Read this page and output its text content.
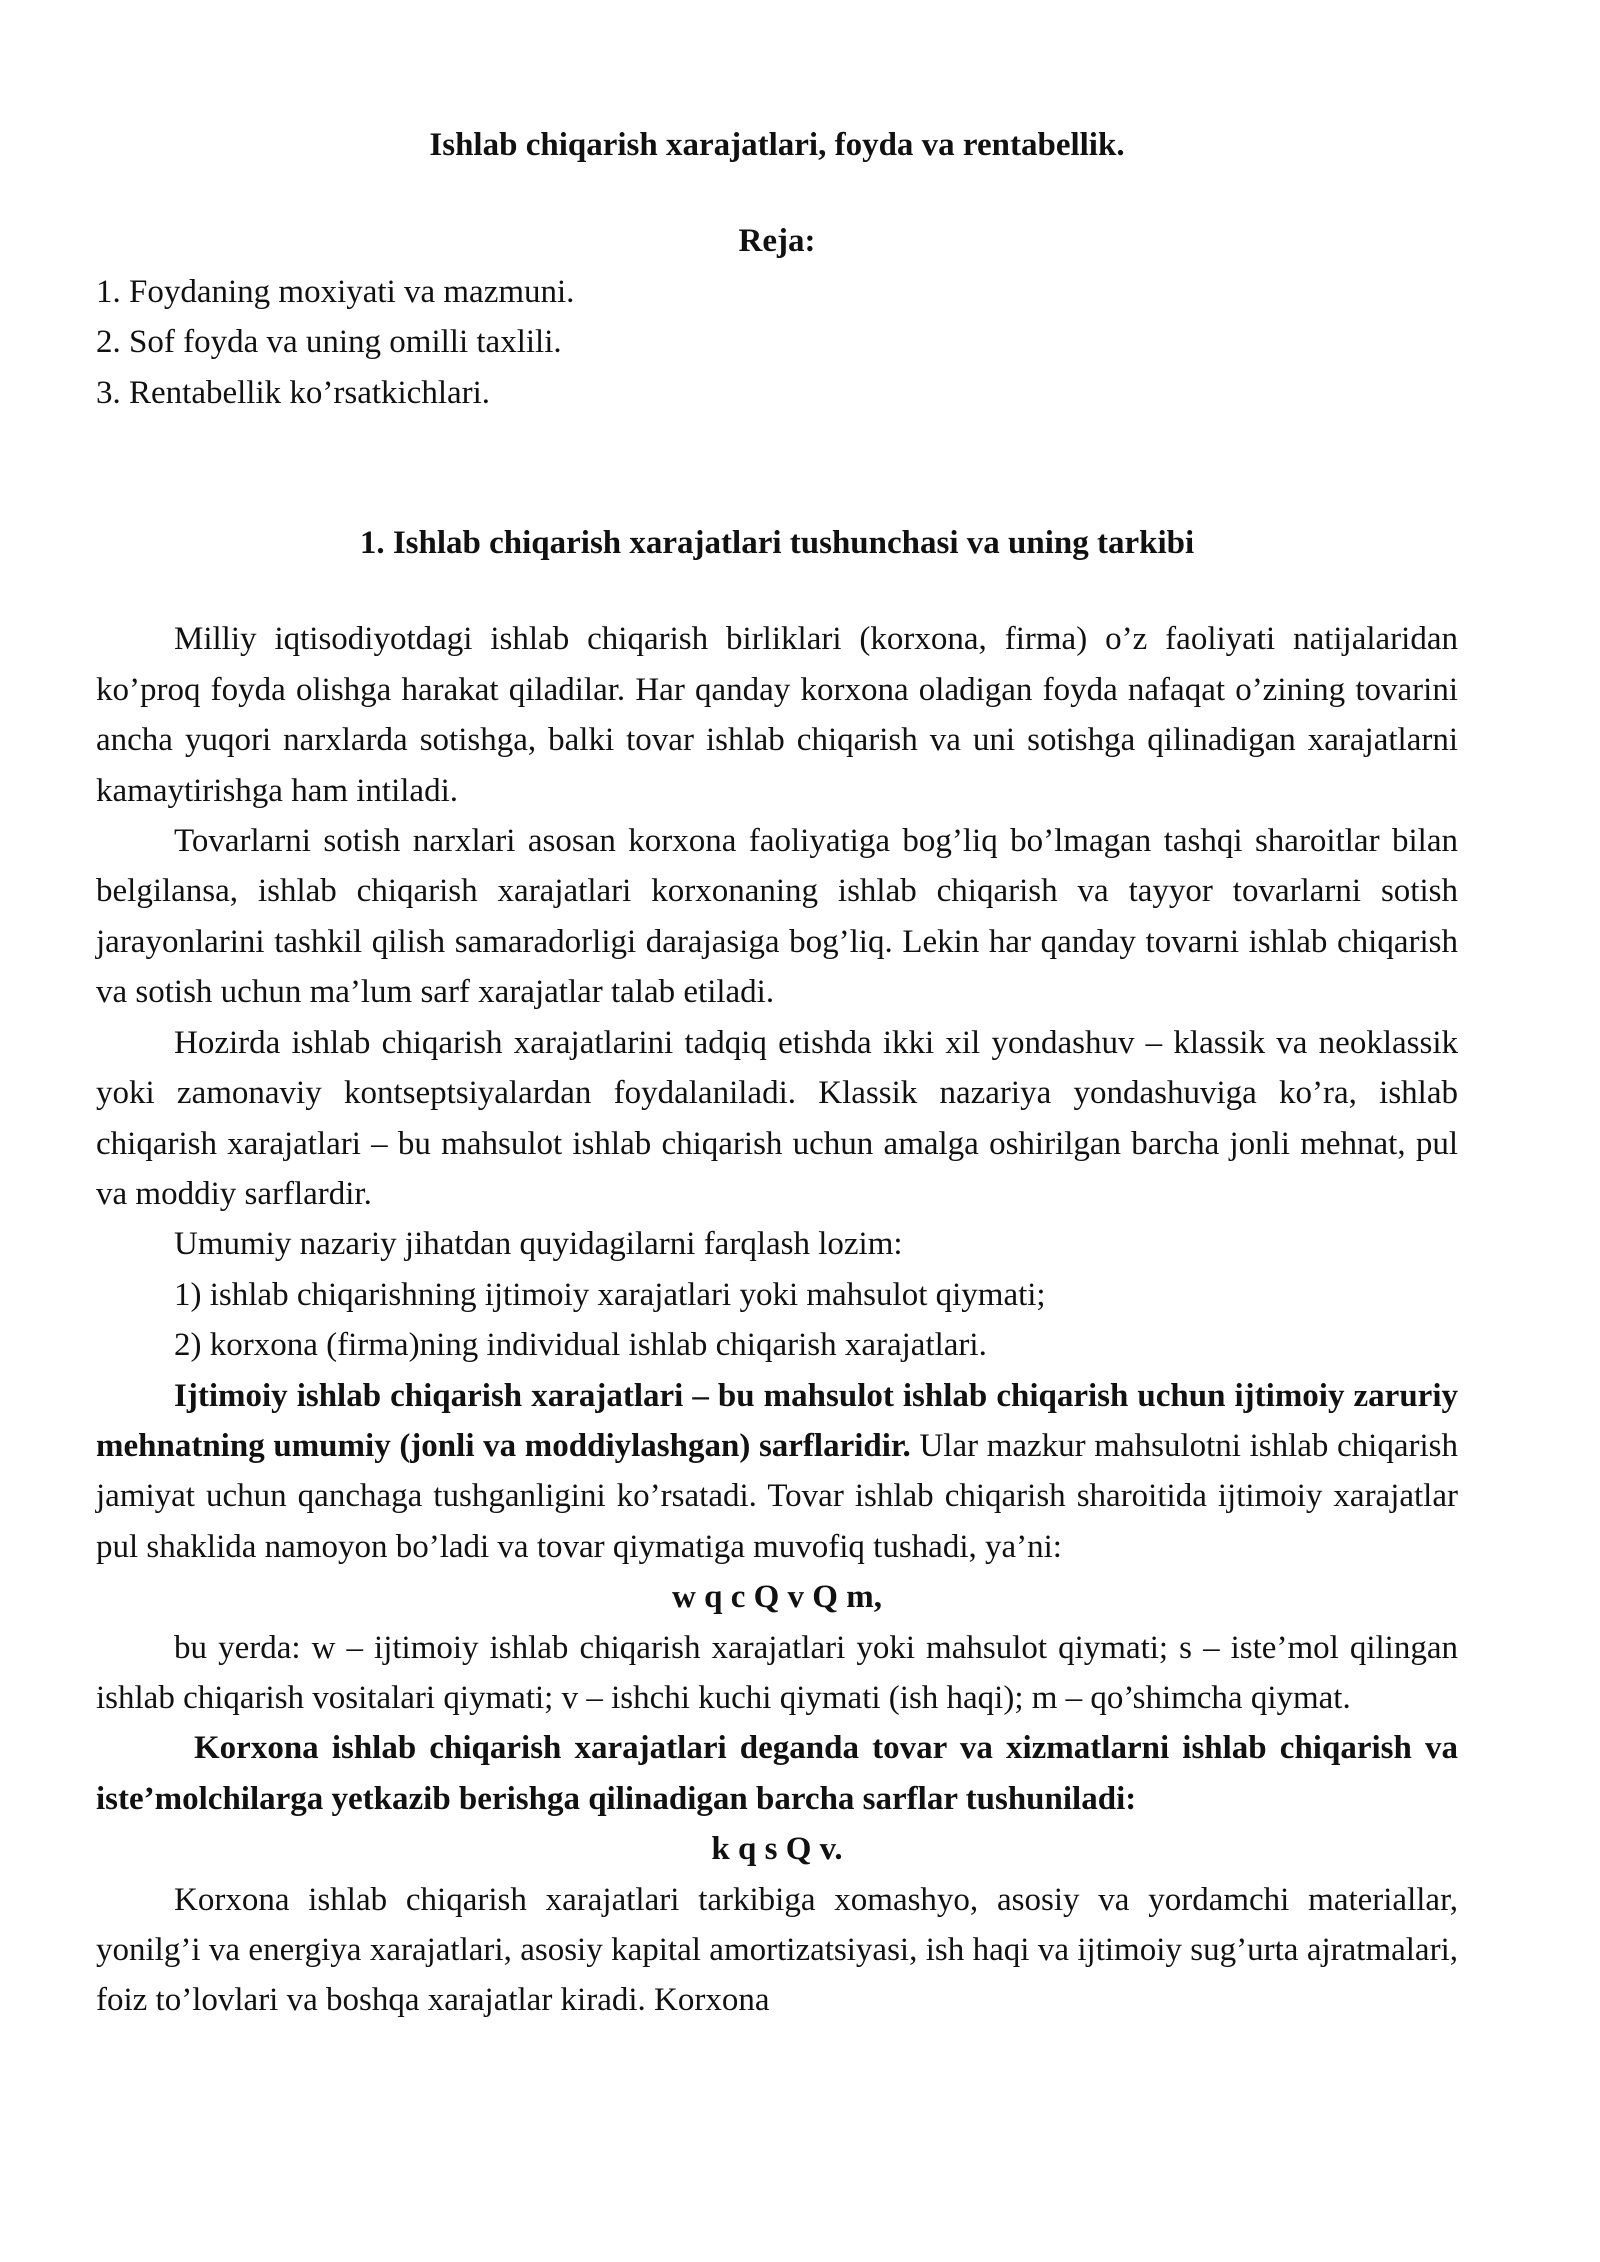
Ishlab chiqarish xarajatlari, foyda va rentabellik.
Reja:
1. Foydaning moxiyati va mazmuni.
2. Sof foyda va uning omilli taxlili.
3. Rentabellik ko’rsatkichlari.
1. Ishlab chiqarish xarajatlari tushunchasi va uning tarkibi

Milliy iqtisodiyotdagi ishlab chiqarish birliklari (korxona, firma) o’z faoliyati natijalaridan ko’proq foyda olishga harakat qiladilar. Har qanday korxona oladigan foyda nafaqat o’zining tovarini ancha yuqori narxlarda sotishga, balki tovar ishlab chiqarish va uni sotishga qilinadigan xarajatlarni kamaytirishga ham intiladi.

Tovarlarni sotish narxlari asosan korxona faoliyatiga bog’liq bo’lmagan tashqi sharoitlar bilan belgilansa, ishlab chiqarish xarajatlari korxonaning ishlab chiqarish va tayyor tovarlarni sotish jarayonlarini tashkil qilish samaradorligi darajasiga bog’liq. Lekin har qanday tovarni ishlab chiqarish va sotish uchun ma’lum sarf xarajatlar talab etiladi.

Hozirda ishlab chiqarish xarajatlarini tadqiq etishda ikki xil yondashuv – klassik va neoklassik yoki zamonaviy kontseptsiyalardan foydalaniladi. Klassik nazariya yondashuviga ko’ra, ishlab chiqarish xarajatlari – bu mahsulot ishlab chiqarish uchun amalga oshirilgan barcha jonli mehnat, pul va moddiy sarflardir.

Umumiy nazariy jihatdan quyidagilarni farqlash lozim:

1) ishlab chiqarishning ijtimoiy xarajatlari yoki mahsulot qiymati;

2) korxona (firma)ning individual ishlab chiqarish xarajatlari.

Ijtimoiy ishlab chiqarish xarajatlari – bu mahsulot ishlab chiqarish uchun ijtimoiy zaruriy mehnatning umumiy (jonli va moddiylashgan) sarflaridir. Ular mazkur mahsulotni ishlab chiqarish jamiyat uchun qanchaga tushganligini ko’rsatadi. Tovar ishlab chiqarish sharoitida ijtimoiy xarajatlar pul shaklida namoyon bo’ladi va tovar qiymatiga muvofiq tushadi, ya’ni:

w q c Q v Q m,

bu yerda: w – ijtimoiy ishlab chiqarish xarajatlari yoki mahsulot qiymati; s – iste’mol qilingan ishlab chiqarish vositalari qiymati; v – ishchi kuchi qiymati (ish haqi); m – qo’shimcha qiymat.

Korxona ishlab chiqarish xarajatlari deganda tovar va xizmatlarni ishlab chiqarish va iste’molchilarga yetkazib berishga qilinadigan barcha sarflar tushuniladi:

k q s Q v.

Korxona ishlab chiqarish xarajatlari tarkibiga xomashyo, asosiy va yordamchi materiallar, yonilg’i va energiya xarajatlari, asosiy kapital amortizatsiyasi, ish haqi va ijtimoiy sug’urta ajratmalari, foiz to’lovlari va boshqa xarajatlar kiradi. Korxona
